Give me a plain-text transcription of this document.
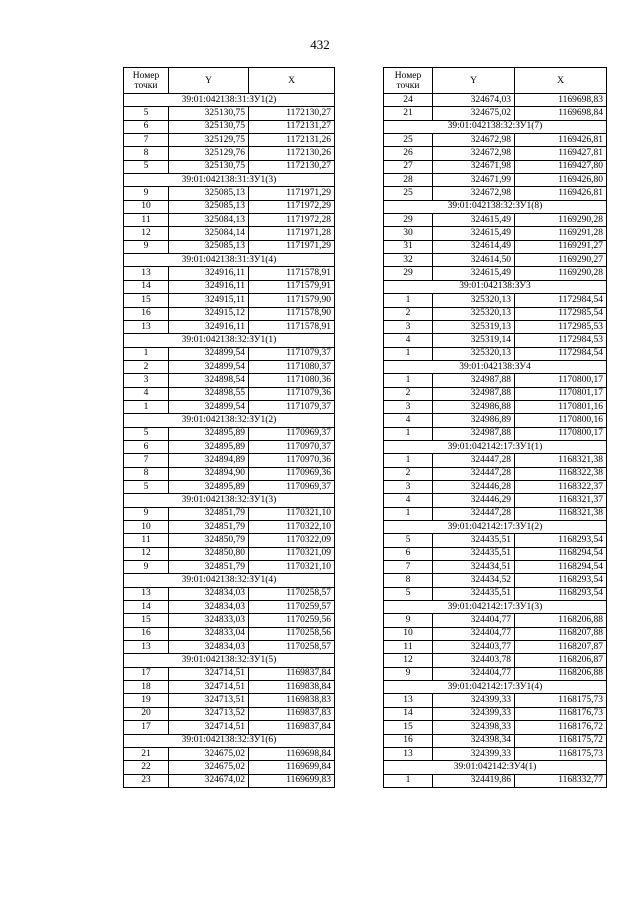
432
Номер точки	Y	X
39:01:042138:31:ЗУ1(2)		
5	325130,75	1172130,27
6	325130,75	1172131,27
7	325129,75	1172131,26
8	325129,76	1172130,26
5	325130,75	1172130,27
39:01:042138:31:ЗУ1(3)		
9	325085,13	1171971,29
10	325085,13	1171972,29
11	325084,13	1171972,28
12	325084,14	1171971,28
9	325085,13	1171971,29
39:01:042138:31:ЗУ1(4)		
13	324916,11	1171578,91
14	324916,11	1171579,91
15	324915,11	1171579,90
16	324915,12	1171578,90
13	324916,11	1171578,91
39:01:042138:32:ЗУ1(1)		
1	324899,54	1171079,37
2	324899,54	1171080,37
3	324898,54	1171080,36
4	324898,55	1171079,36
1	324899,54	1171079,37
39:01:042138:32:ЗУ1(2)		
5	324895,89	1170969,37
6	324895,89	1170970,37
7	324894,89	1170970,36
8	324894,90	1170969,36
5	324895,89	1170969,37
39:01:042138:32:ЗУ1(3)		
9	324851,79	1170321,10
10	324851,79	1170322,10
11	324850,79	1170322,09
12	324850,80	1170321,09
9	324851,79	1170321,10
39:01:042138:32:ЗУ1(4)		
13	324834,03	1170258,57
14	324834,03	1170259,57
15	324833,03	1170259,56
16	324833,04	1170258,56
13	324834,03	1170258,57
39:01:042138:32:ЗУ1(5)		
17	324714,51	1169837,84
18	324714,51	1169838,84
19	324713,51	1169838,83
20	324713,52	1169837,83
17	324714,51	1169837,84
39:01:042138:32:ЗУ1(6)		
21	324675,02	1169698,84
22	324675,02	1169699,84
23	324674,02	1169699,83
Номер точки	Y	X
24	324674,03	1169698,83
21	324675,02	1169698,84
39:01:042138:32:ЗУ1(7)		
25	324672,98	1169426,81
26	324672,98	1169427,81
27	324671,98	1169427,80
28	324671,99	1169426,80
25	324672,98	1169426,81
39:01:042138:32:ЗУ1(8)		
29	324615,49	1169290,28
30	324615,49	1169291,28
31	324614,49	1169291,27
32	324614,50	1169290,27
29	324615,49	1169290,28
39:01:042138:ЗУ3		
1	325320,13	1172984,54
2	325320,13	1172985,54
3	325319,13	1172985,53
4	325319,14	1172984,53
1	325320,13	1172984,54
39:01:042138:ЗУ4		
1	324987,88	1170800,17
2	324987,88	1170801,17
3	324986,88	1170801,16
4	324986,89	1170800,16
1	324987,88	1170800,17
39:01:042142:17:ЗУ1(1)		
1	324447,28	1168321,38
2	324447,28	1168322,38
3	324446,28	1168322,37
4	324446,29	1168321,37
1	324447,28	1168321,38
39:01:042142:17:ЗУ1(2)		
5	324435,51	1168293,54
6	324435,51	1168294,54
7	324434,51	1168294,54
8	324434,52	1168293,54
5	324435,51	1168293,54
39:01:042142:17:ЗУ1(3)		
9	324404,77	1168206,88
10	324404,77	1168207,88
11	324403,77	1168207,87
12	324403,78	1168206,87
9	324404,77	1168206,88
39:01:042142:17:ЗУ1(4)		
13	324399,33	1168175,73
14	324399,33	1168176,73
15	324398,33	1168176,72
16	324398,34	1168175,72
13	324399,33	1168175,73
39:01:042142:ЗУ4(1)		
1	324419,86	1168332,77
